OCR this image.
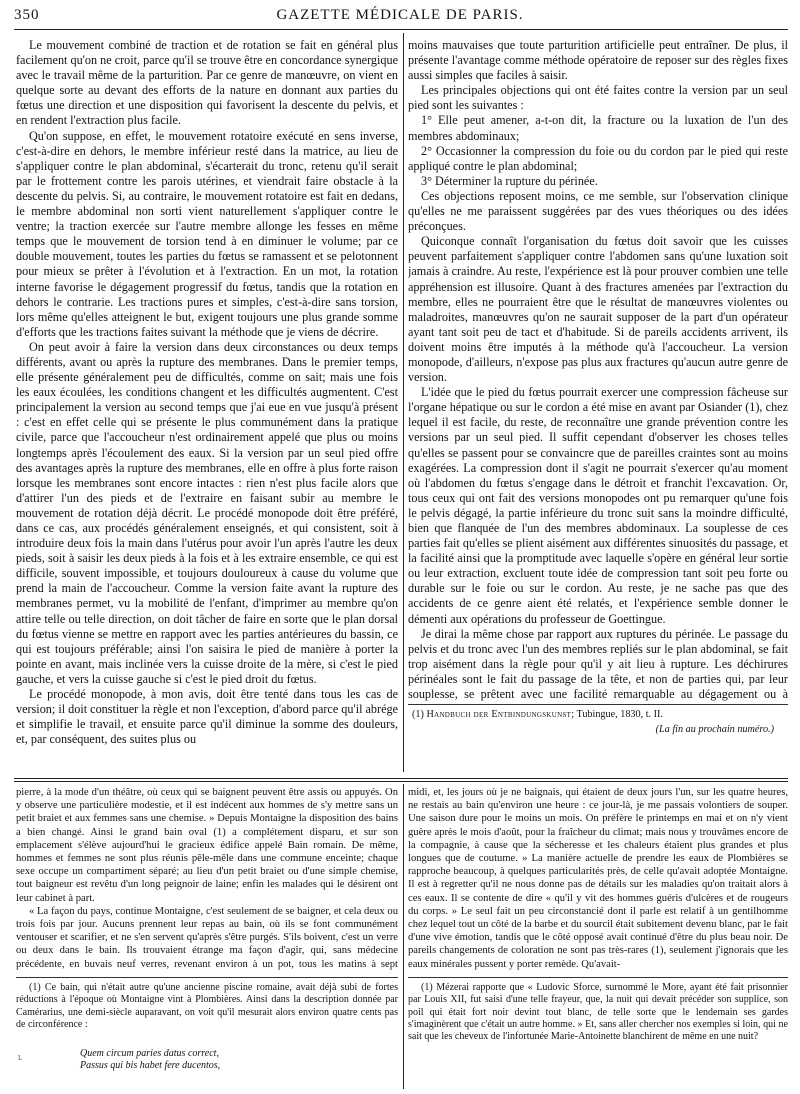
350	GAZETTE MÉDICALE DE PARIS.

Le mouvement combiné de traction et de rotation se fait en général plus facilement qu'on ne croit, parce qu'il se trouve être en concordance synergique avec le travail même de la parturition. Par ce genre de manœuvre, on vient en quelque sorte au devant des efforts de la nature en donnant aux parties du fœtus une direction et une disposition qui favorisent la descente du pelvis, et en rendent l'extraction plus facile.

Qu'on suppose, en effet, le mouvement rotatoire exécuté en sens inverse, c'est-à-dire en dehors, le membre inférieur resté dans la matrice, au lieu de s'appliquer contre le plan abdominal, s'écarterait du tronc, retenu qu'il serait par le frottement contre les parois utérines, et viendrait faire obstacle à la descente du pelvis. Si, au contraire, le mouvement rotatoire est fait en dedans, le membre abdominal non sorti vient naturellement s'appliquer contre le ventre; la traction exercée sur l'autre membre allonge les fesses en même temps que le mouvement de torsion tend à en diminuer le volume; par ce double mouvement, toutes les parties du fœtus se ramassent et se pelotonnent pour mieux se prêter à l'évolution et à l'extraction. En un mot, la rotation interne favorise le dégagement progressif du fœtus, tandis que la rotation en dehors le contrarie. Les tractions pures et simples, c'est-à-dire sans torsion, lors même qu'elles atteignent le but, exigent toujours une plus grande somme d'efforts que les tractions faites suivant la méthode que je viens de décrire.

On peut avoir à faire la version dans deux circonstances ou deux temps différents, avant ou après la rupture des membranes. Dans le premier temps, elle présente généralement peu de difficultés, comme on sait; mais une fois les eaux écoulées, les conditions changent et les difficultés augmentent. C'est principalement la version au second temps que j'ai eue en vue jusqu'à présent : c'est en effet celle qui se présente le plus communément dans la pratique civile, parce que l'accoucheur n'est ordinairement appelé que plus ou moins longtemps après l'écoulement des eaux. Si la version par un seul pied offre des avantages après la rupture des membranes, elle en offre à plus forte raison lorsque les membranes sont encore intactes : rien n'est plus facile alors que d'attirer l'un des pieds et de l'extraire en faisant subir au membre le mouvement de rotation déjà décrit. Le procédé monopode doit être préféré, dans ce cas, aux procédés généralement enseignés, et qui consistent, soit à introduire deux fois la main dans l'utérus pour avoir l'un après l'autre les deux pieds, soit à saisir les deux pieds à la fois et à les extraire ensemble, ce qui est difficile, souvent impossible, et toujours douloureux à cause du volume que prend la main de l'accoucheur. Comme la version faite avant la rupture des membranes permet, vu la mobilité de l'enfant, d'imprimer au membre qu'on attire telle ou telle direction, on doit tâcher de faire en sorte que le plan dorsal du fœtus vienne se mettre en rapport avec les parties antérieures du bassin, ce qui est toujours préférable; ainsi l'on saisira le pied de manière à porter la pointe en avant, mais inclinée vers la cuisse droite de la mère, si c'est le pied gauche, et vers la cuisse gauche si c'est le pied droit du fœtus.

Le procédé monopode, à mon avis, doit être tenté dans tous les cas de version; il doit constituer la règle et non l'exception, d'abord parce qu'il abrége et simplifie le travail, et ensuite parce qu'il diminue la somme des douleurs, et, par conséquent, des suites plus ou

moins mauvaises que toute parturition artificielle peut entraîner. De plus, il présente l'avantage comme méthode opératoire de reposer sur des règles fixes aussi simples que faciles à saisir.

Les principales objections qui ont été faites contre la version par un seul pied sont les suivantes :

1° Elle peut amener, a-t-on dit, la fracture ou la luxation de l'un des membres abdominaux;

2° Occasionner la compression du foie ou du cordon par le pied qui reste appliqué contre le plan abdominal;

3° Déterminer la rupture du périnée.

Ces objections reposent moins, ce me semble, sur l'observation clinique qu'elles ne me paraissent suggérées par des vues théoriques ou des idées préconçues.

Quiconque connaît l'organisation du fœtus doit savoir que les cuisses peuvent parfaitement s'appliquer contre l'abdomen sans qu'une luxation soit jamais à craindre. Au reste, l'expérience est là pour prouver combien une telle appréhension est illusoire. Quant à des fractures amenées par l'extraction du membre, elles ne pourraient être que le résultat de manœuvres violentes ou maladroites, manœuvres qu'on ne saurait supposer de la part d'un opérateur ayant tant soit peu de tact et d'habitude. Si de pareils accidents arrivent, ils doivent moins être imputés à la méthode qu'à l'accoucheur. La version monopode, d'ailleurs, n'expose pas plus aux fractures qu'aucun autre genre de version.

L'idée que le pied du fœtus pourrait exercer une compression fâcheuse sur l'organe hépatique ou sur le cordon a été mise en avant par Osiander (1), chez lequel il est facile, du reste, de reconnaître une grande prévention contre les versions par un seul pied. Il suffit cependant d'observer les choses telles qu'elles se passent pour se convaincre que de pareilles craintes sont au moins exagérées. La compression dont il s'agit ne pourrait s'exercer qu'au moment où l'abdomen du fœtus s'engage dans le détroit et franchit l'excavation. Or, tous ceux qui ont fait des versions monopodes ont pu remarquer qu'une fois le pelvis dégagé, la partie inférieure du tronc suit sans la moindre difficulté, bien que flanquée de l'un des membres abdominaux. La souplesse de ces parties fait qu'elles se plient aisément aux différentes sinuosités du passage, et la facilité ainsi que la promptitude avec laquelle s'opère en général leur sortie ou leur extraction, excluent toute idée de compression tant soit peu forte ou durable sur le foie ou sur le cordon. Au reste, je ne sache pas que des accidents de ce genre aient été relatés, et l'expérience semble donner le démenti aux opérations du professeur de Goettingue.

Je dirai la même chose par rapport aux ruptures du périnée. Le passage du pelvis et du tronc avec l'un des membres repliés sur le plan abdominal, se fait trop aisément dans la règle pour qu'il y ait lieu à rupture. Les déchirures périnéales sont le fait du passage de la tête, et non de parties qui, par leur souplesse, se prêtent avec une facilité remarquable au dégagement ou à

(1) Handbuch der Entbindungskunst; Tubingue, 1830, t. II.

(La fin au prochain numéro.)

pierre, à la mode d'un théâtre, où ceux qui se baignent peuvent être assis ou appuyés. On y observe une particulière modestie, et il est indécent aux hommes de s'y mettre sans un petit braiet et aux femmes sans une chemise. » Depuis Montaigne la disposition des bains a bien changé. Ainsi le grand bain oval (1) a complétement disparu, et sur son emplacement s'élève aujourd'hui le gracieux édifice appelé Bain romain. De même, hommes et femmes ne sont plus réunis pêle-mêle dans une commune enceinte; chaque sexe occupe un compartiment séparé; au lieu d'un petit braiet ou d'une simple chemise, tout baigneur est revêtu d'un long peignoir de laine; enfin les malades qui le désirent ont leur cabinet à part.

« La façon du pays, continue Montaigne, c'est seulement de se baigner, et cela deux ou trois fois par jour. Aucuns prennent leur repas au bain, où ils se font communément ventouser et scarifier, et ne s'en servent qu'après s'être purgés. S'ils boivent, c'est un verre ou deux dans le bain. Ils trouvaient étrange ma façon d'agir, qui, sans médecine précédente, en buvais neuf verres, revenant environ à un pot, tous les matins à sept

midi, et, les jours où je ne baignais, qui étaient de deux jours l'un, sur les quatre heures, ne restais au bain qu'environ une heure : ce jour-là, je me passais volontiers de souper. Une saison dure pour le moins un mois. On préfère le printemps en mai et on n'y vient guère après le mois d'août, pour la fraîcheur du climat; mais nous y trouvâmes encore de la compagnie, à cause que la sécheresse et les chaleurs étaient plus grandes et plus longues que de coutume. » La manière actuelle de prendre les eaux de Plombières se rapproche beaucoup, à quelques particularités près, de celle qu'avait adoptée Montaigne. Il est à regretter qu'il ne nous donne pas de détails sur les maladies qu'on traitait alors à ces eaux. Il se contente de dire « qu'il y vit des hommes guéris d'ulcères et de rougeurs du corps. » Le seul fait un peu circonstancié dont il parle est relatif à un gentilhomme chez lequel tout un côté de la barbe et du sourcil était subitement devenu blanc, par le fait d'une vive émotion, tandis que le côté opposé avait continué d'être du plus beau noir. De pareils changements de coloration ne sont pas très-rares (1), seulement j'ignorais que les eaux minérales pussent y porter remède. Qu'avait-

(1) Ce bain, qui n'était autre qu'une ancienne piscine romaine, avait déjà subi de fortes réductions à l'époque où Montaigne vint à Plombières. Ainsi dans la description donnée par Camérarius, une demi-siècle auparavant, on voit qu'il mesurait alors environ quatre cents pas de circonférence :

ʟ	Quem circum paries datus correct,
Passus qui bis habet fere ducentos,

(1) Mézerai rapporte que « Ludovic Sforce, surnommé le More, ayant été fait prisonnier par Louis XII, fut saisi d'une telle frayeur, que, la nuit qui devait précéder son supplice, son poil qui était fort noir devint tout blanc, de telle sorte que le lendemain ses gardes s'imaginèrent que c'était un autre homme. » Et, sans aller chercher nos exemples si loin, qui ne sait que les cheveux de l'infortunée Marie-Antoinette blanchirent de même en une nuit?
